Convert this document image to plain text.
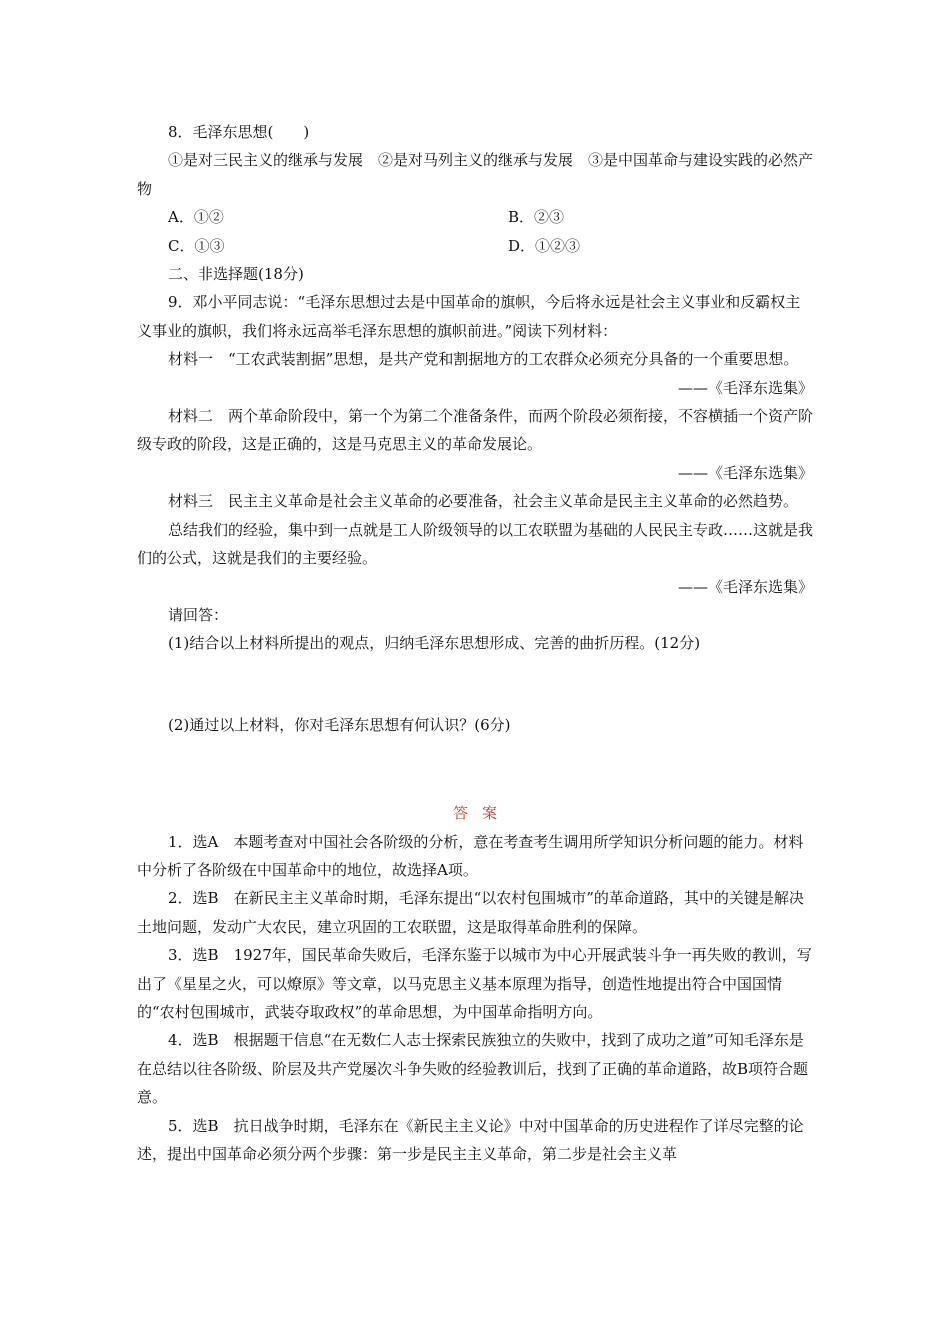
8．毛泽东思想(　　)

①是对三民主义的继承与发展　②是对马列主义的继承与发展　③是中国革命与建设实践的必然产物

A．①②	B．②③
C．①③	D．①②③

二、非选择题(18分)

9．邓小平同志说：“毛泽东思想过去是中国革命的旗帜，今后将永远是社会主义事业和反霸权主义事业的旗帜，我们将永远高举毛泽东思想的旗帜前进。”阅读下列材料：

材料一　“工农武装割据”思想，是共产党和割据地方的工农群众必须充分具备的一个重要思想。

——《毛泽东选集》

材料二　两个革命阶段中，第一个为第二个准备条件，而两个阶段必须衔接，不容横插一个资产阶级专政的阶段，这是正确的，这是马克思主义的革命发展论。

——《毛泽东选集》

材料三　民主主义革命是社会主义革命的必要准备，社会主义革命是民主主义革命的必然趋势。

总结我们的经验，集中到一点就是工人阶级领导的以工农联盟为基础的人民民主专政……这就是我们的公式，这就是我们的主要经验。

——《毛泽东选集》

请回答：

(1)结合以上材料所提出的观点，归纳毛泽东思想形成、完善的曲折历程。(12分)

(2)通过以上材料，你对毛泽东思想有何认识？(6分)

答案

1．选A　本题考查对中国社会各阶级的分析，意在考查考生调用所学知识分析问题的能力。材料中分析了各阶级在中国革命中的地位，故选择A项。

2．选B　在新民主主义革命时期，毛泽东提出“以农村包围城市”的革命道路，其中的关键是解决土地问题，发动广大农民，建立巩固的工农联盟，这是取得革命胜利的保障。

3．选B　1927年，国民革命失败后，毛泽东鉴于以城市为中心开展武装斗争一再失败的教训，写出了《星星之火，可以燎原》等文章，以马克思主义基本原理为指导，创造性地提出符合中国国情的“农村包围城市，武装夺取政权”的革命思想，为中国革命指明方向。

4．选B　根据题干信息“在无数仁人志士探索民族独立的失败中，找到了成功之道”可知毛泽东是在总结以往各阶级、阶层及共产党屡次斗争失败的经验教训后，找到了正确的革命道路，故B项符合题意。

5．选B　抗日战争时期，毛泽东在《新民主主义论》中对中国革命的历史进程作了详尽完整的论述，提出中国革命必须分两个步骤：第一步是民主主义革命，第二步是社会主义革
